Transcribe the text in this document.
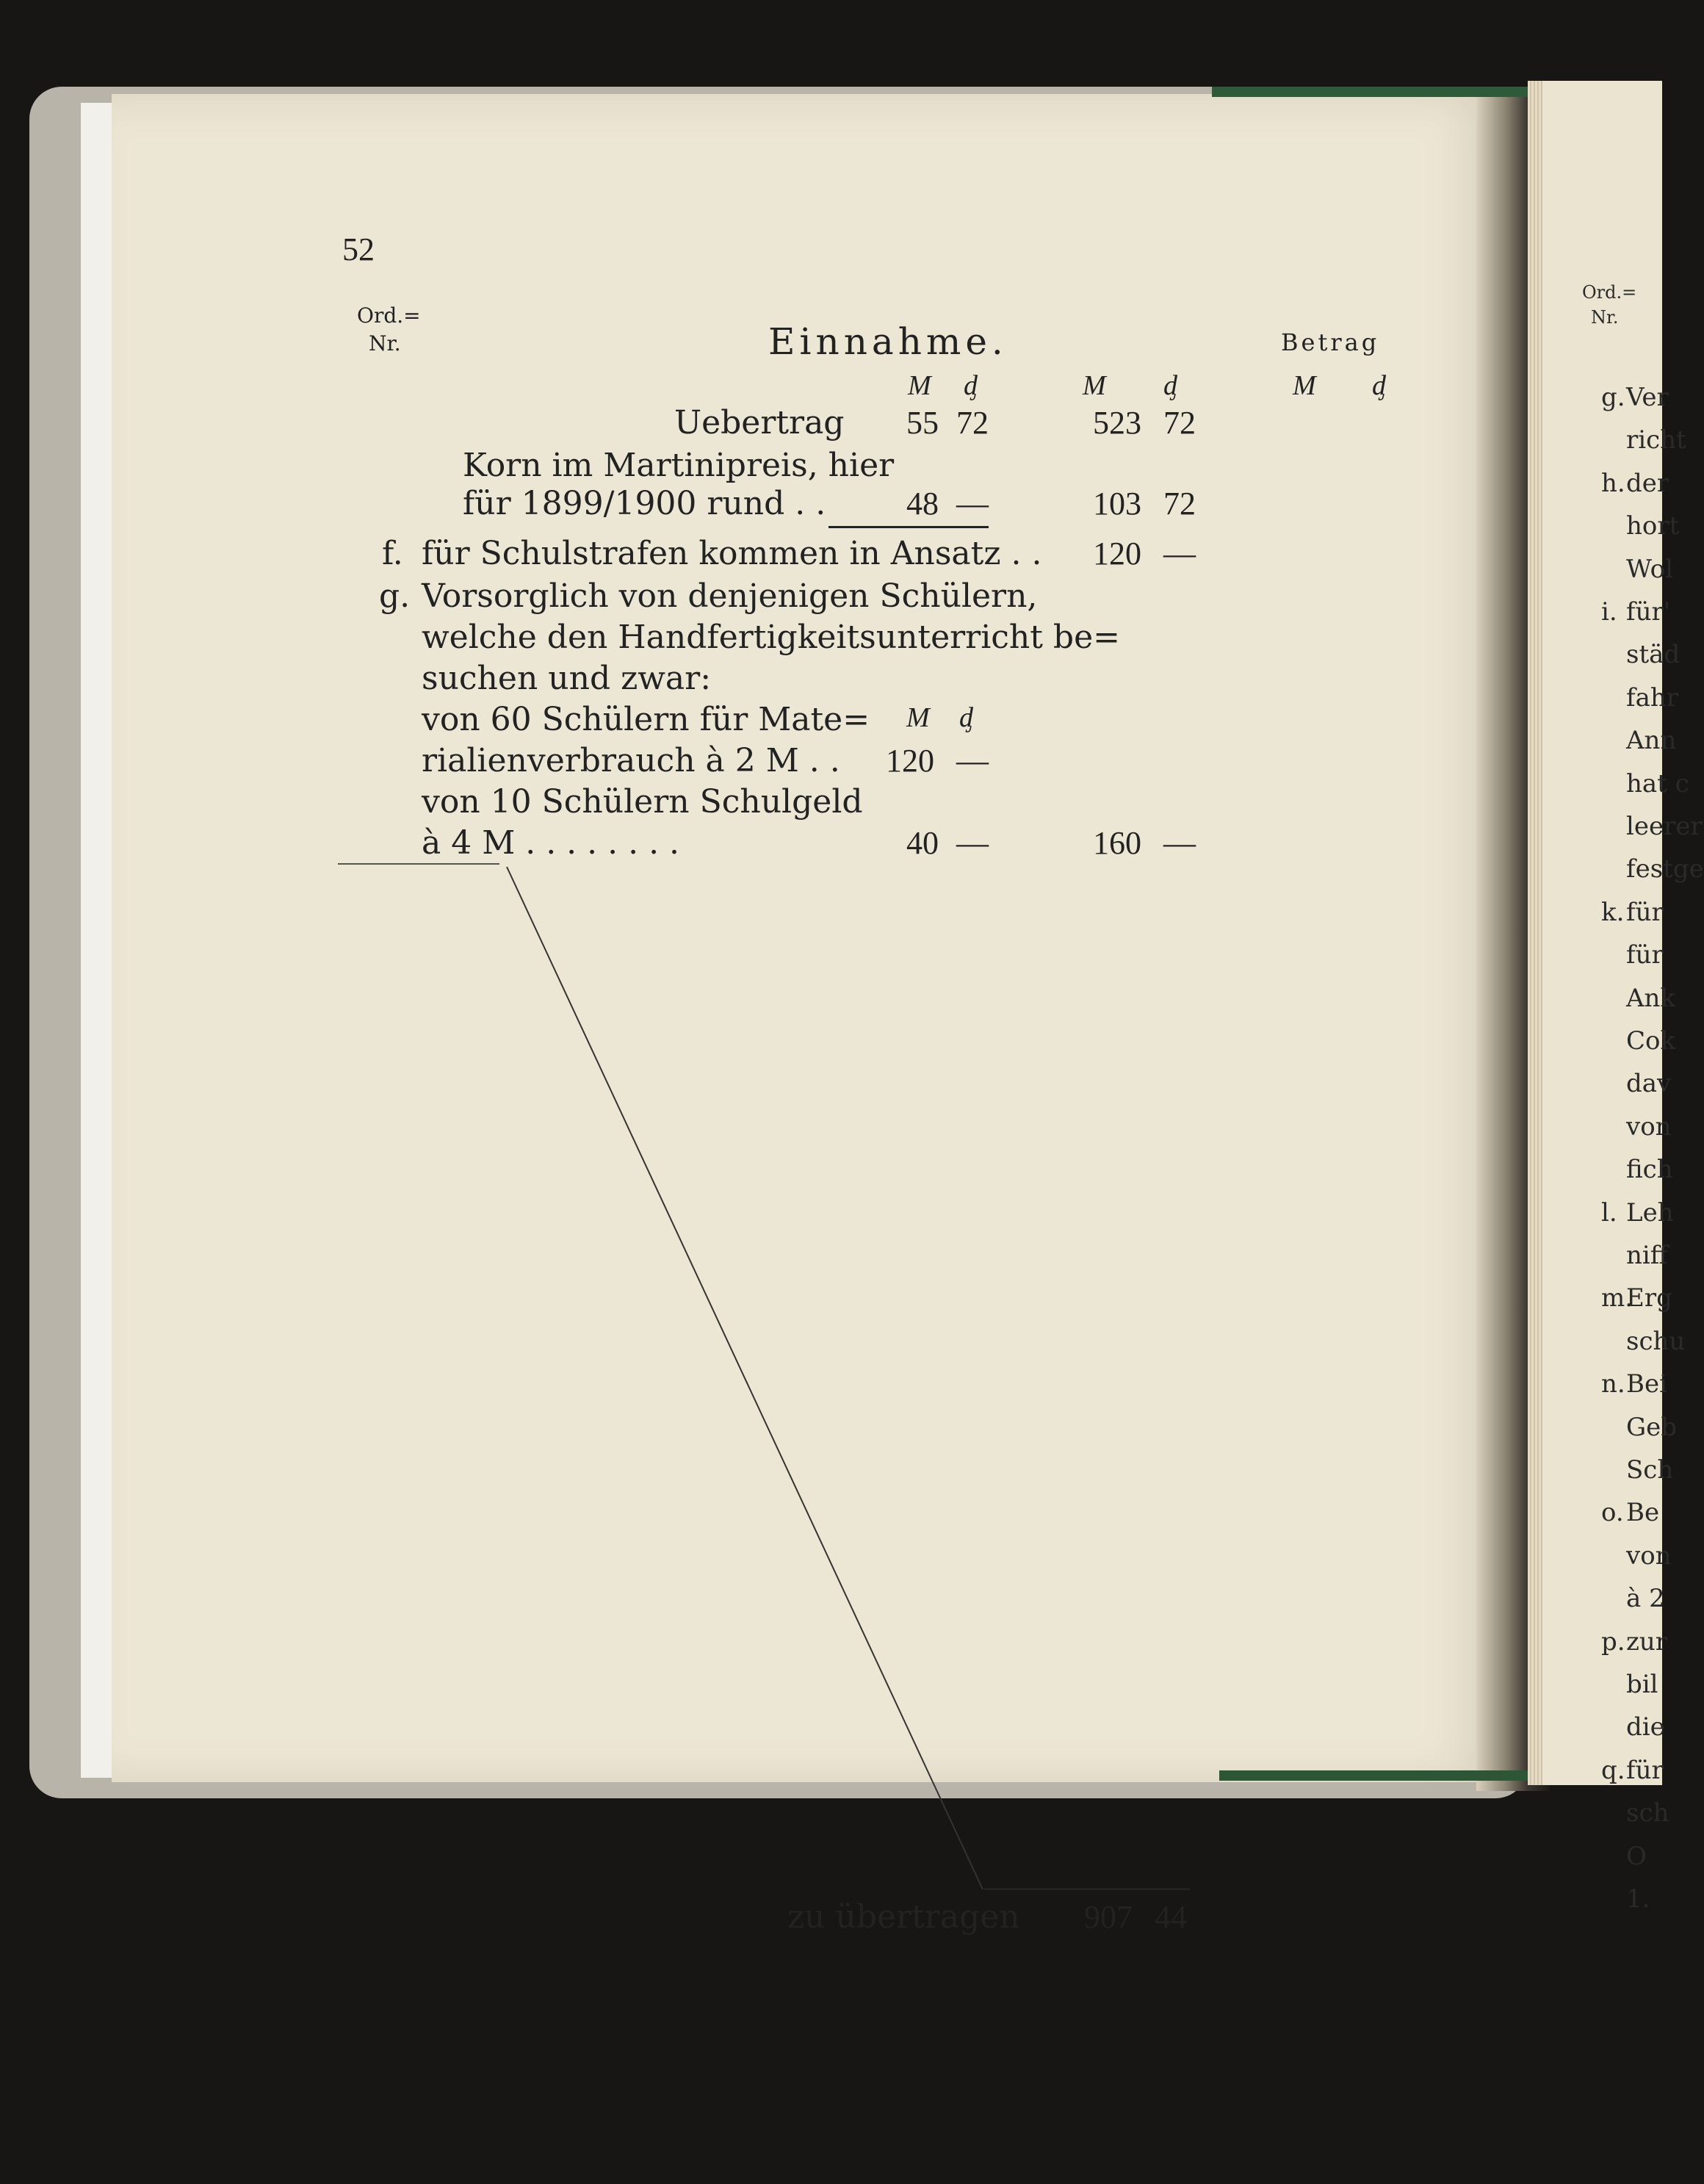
52
Ord.=
Nr.	Einnahme.	Betrag
M ᶁ	M ᶁ	M ᶁ
Uebertrag 55 72	523 72
Korn im Martinipreis, hier
für 1899/1900 rund . . 48 —	103 72
f. für Schulstrafen kommen in Ansatz . . 120 —
g. Vorsorglich von denjenigen Schülern,
welche den Handfertigkeitsunterricht be=
suchen und zwar:
von 60 Schülern für Mate= M ᶁ
rialienverbrauch à 2 M . . 120 —
von 10 Schülern Schulgeld
à 4 M . . . . . . . .	40 —	160 —
zu übertragen 907 44
Ord.=
Nr.
g. Ver
richt
h. der
hort
Wol
i. für'
städ
fahr
Ann
hat c
leerer
festge
k. für
für
Ank
Cok
dav
von
fich
l. Leh
niff
m.
Erg
schu
n. Bei
Geb
Sch
o. Be
von
à 2
p. zur
bil
die
q. für
sch
O
1.
